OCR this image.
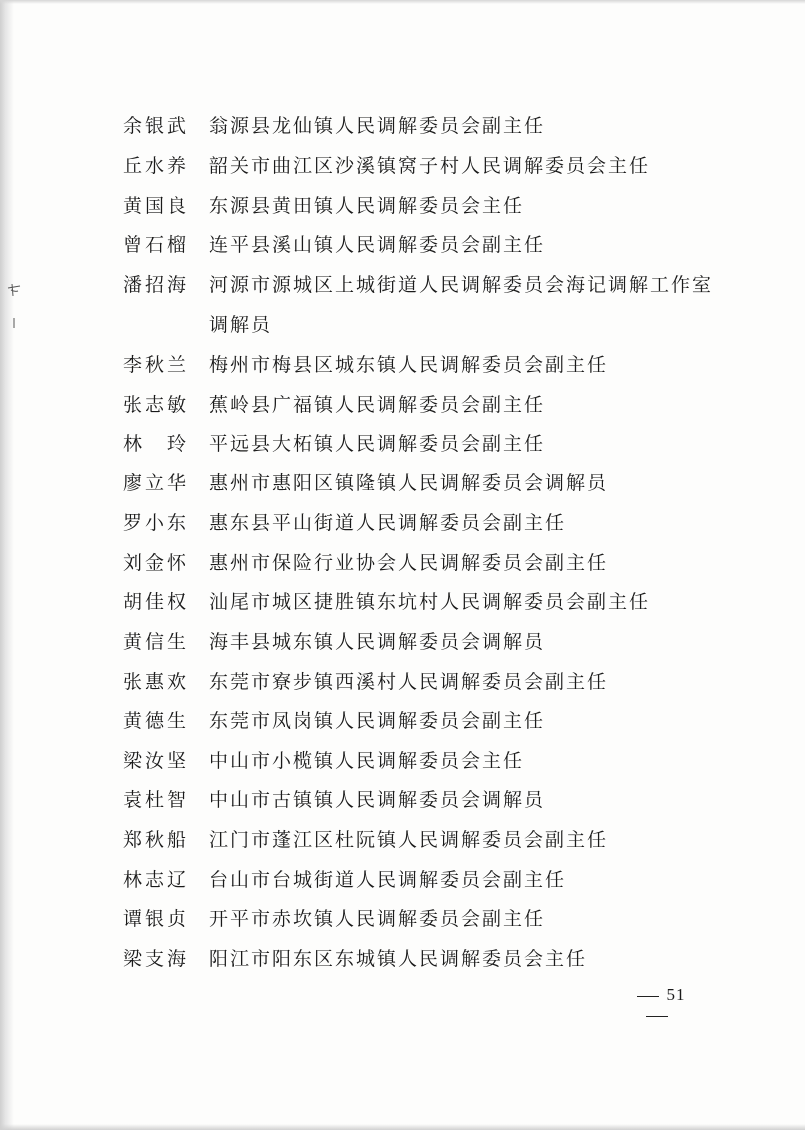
余银武	翁源县龙仙镇人民调解委员会副主任
丘水养	韶关市曲江区沙溪镇窝子村人民调解委员会主任
黄国良	东源县黄田镇人民调解委员会主任
曾石榴	连平县溪山镇人民调解委员会副主任
潘招海	河源市源城区上城街道人民调解委员会海记调解工作室
调解员
李秋兰	梅州市梅县区城东镇人民调解委员会副主任
张志敏	蕉岭县广福镇人民调解委员会副主任
林　玲	平远县大柘镇人民调解委员会副主任
廖立华	惠州市惠阳区镇隆镇人民调解委员会调解员
罗小东	惠东县平山街道人民调解委员会副主任
刘金怀	惠州市保险行业协会人民调解委员会副主任
胡佳权	汕尾市城区捷胜镇东坑村人民调解委员会副主任
黄信生	海丰县城东镇人民调解委员会调解员
张惠欢	东莞市寮步镇西溪村人民调解委员会副主任
黄德生	东莞市凤岗镇人民调解委员会副主任
梁汝坚	中山市小榄镇人民调解委员会主任
袁杜智	中山市古镇镇人民调解委员会调解员
郑秋船	江门市蓬江区杜阮镇人民调解委员会副主任
林志辽	台山市台城街道人民调解委员会副主任
谭银贞	开平市赤坎镇人民调解委员会副主任
梁支海	阳江市阳东区东城镇人民调解委员会主任
51
